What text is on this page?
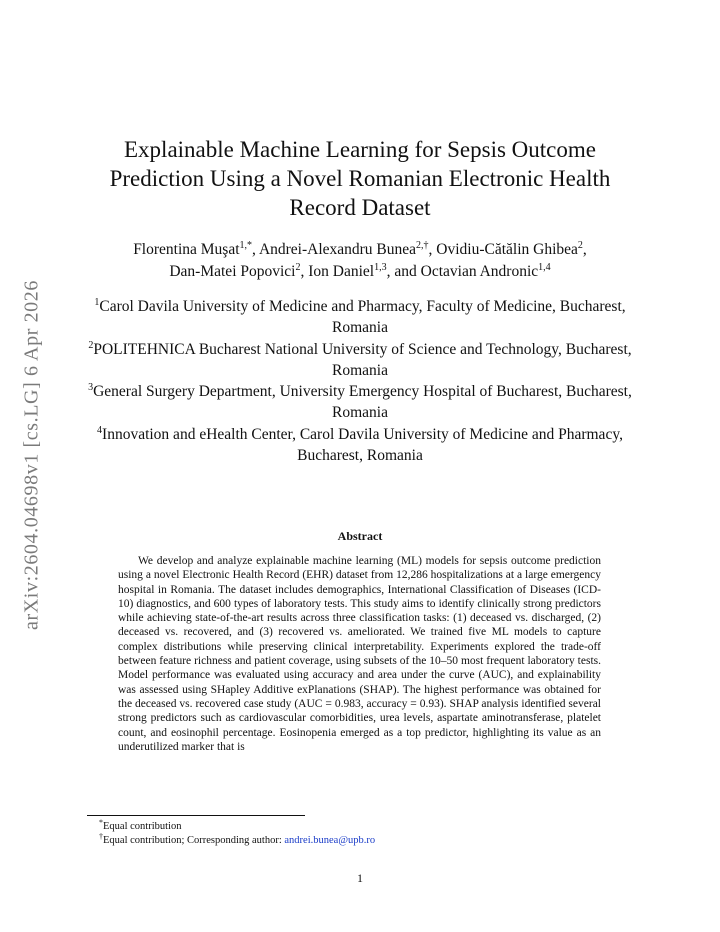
arXiv:2604.04698v1 [cs.LG] 6 Apr 2026
Explainable Machine Learning for Sepsis Outcome Prediction Using a Novel Romanian Electronic Health Record Dataset
Florentina Muşat$^{1,*}$, Andrei-Alexandru Bunea$^{2,\dagger}$, Ovidiu-Cătălin Ghibea$^2$,
Dan-Matei Popovici$^2$, Ion Daniel$^{1,3}$, and Octavian Andronic$^{1,4}$

$^1$Carol Davila University of Medicine and Pharmacy, Faculty of Medicine, Bucharest, Romania

$^2$POLITEHNICA Bucharest National University of Science and Technology, Bucharest, Romania

$^3$General Surgery Department, University Emergency Hospital of Bucharest, Bucharest, Romania

$^4$Innovation and eHealth Center, Carol Davila University of Medicine and Pharmacy, Bucharest, Romania

Abstract

We develop and analyze explainable machine learning (ML) models for sepsis outcome prediction using a novel Electronic Health Record (EHR) dataset from 12,286 hospitalizations at a large emergency hospital in Romania. The dataset includes demographics, International Classification of Diseases (ICD-10) diagnostics, and 600 types of laboratory tests. This study aims to identify clinically strong predictors while achieving state-of-the-art results across three classification tasks: (1) deceased vs. discharged, (2) deceased vs. recovered, and (3) recovered vs. ameliorated. We trained five ML models to capture complex distributions while preserving clinical interpretability. Experiments explored the trade-off between feature richness and patient coverage, using subsets of the 10–50 most frequent laboratory tests. Model performance was evaluated using accuracy and area under the curve (AUC), and explainability was assessed using SHapley Additive exPlanations (SHAP). The highest performance was obtained for the deceased vs. recovered case study (AUC = 0.983, accuracy = 0.93). SHAP analysis identified several strong predictors such as cardiovascular comorbidities, urea levels, aspartate aminotransferase, platelet count, and eosinophil percentage. Eosinopenia emerged as a top predictor, highlighting its value as an underutilized marker that is

*Equal contribution

†Equal contribution; Corresponding author: andrei.bunea@upb.ro

1
